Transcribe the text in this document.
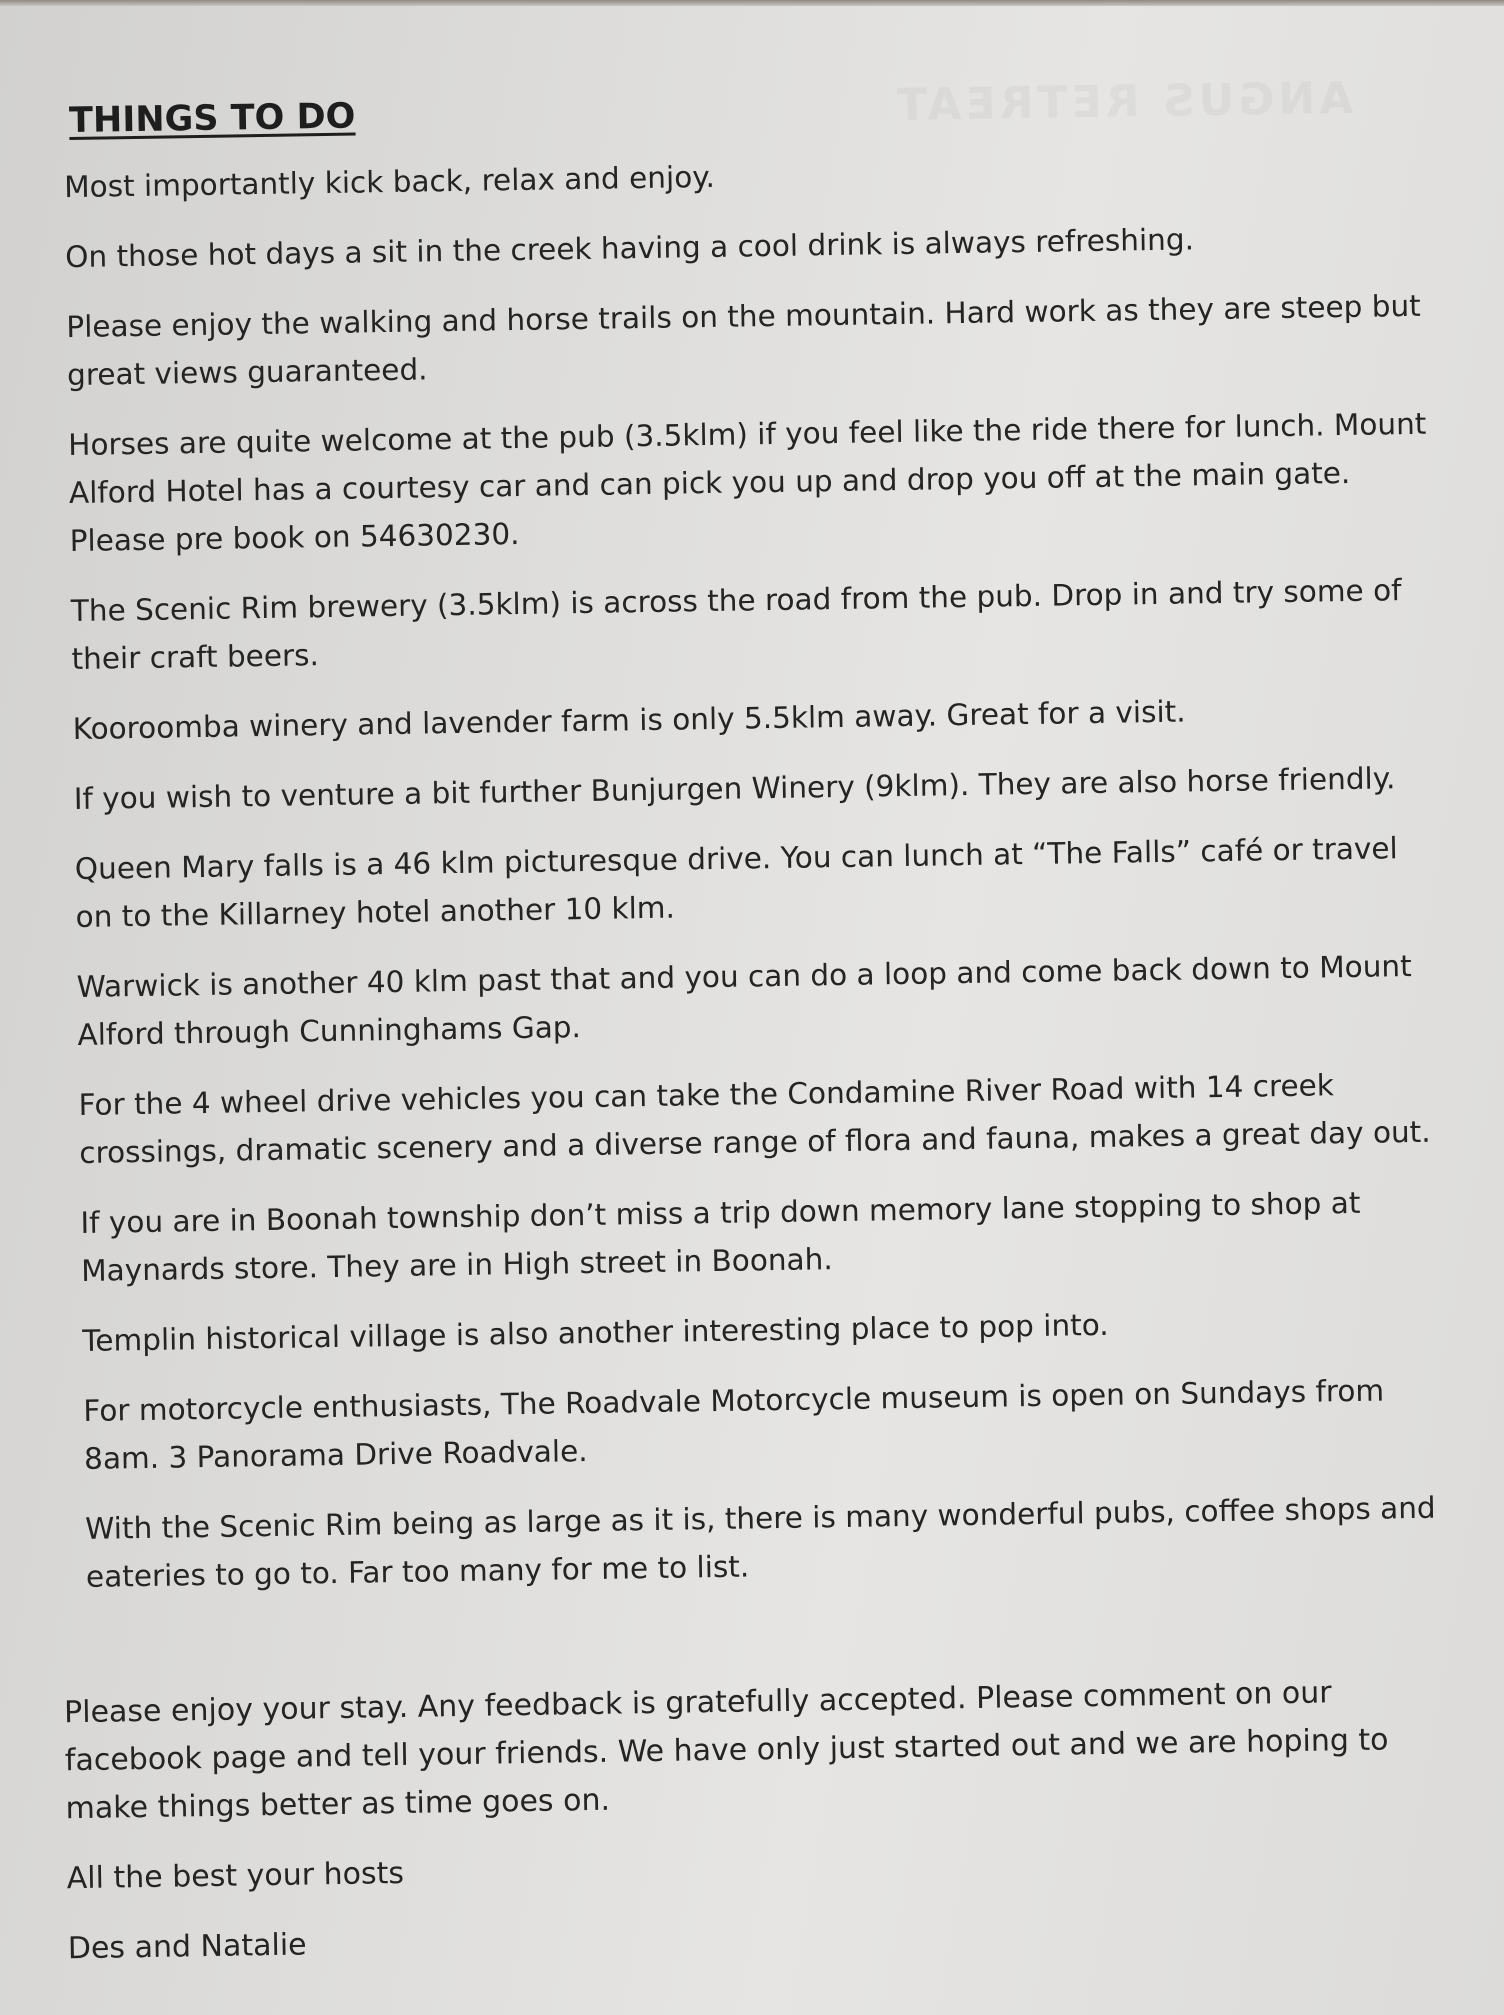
ANGUS RETREAT
THINGS TO DO

Most importantly kick back, relax and enjoy.

On those hot days a sit in the creek having a cool drink is always refreshing.

Please enjoy the walking and horse trails on the mountain. Hard work as they are steep but great views guaranteed.

Horses are quite welcome at the pub (3.5klm) if you feel like the ride there for lunch. Mount Alford Hotel has a courtesy car and can pick you up and drop you off at the main gate. Please pre book on 54630230.

The Scenic Rim brewery (3.5klm) is across the road from the pub. Drop in and try some of their craft beers.

Kooroomba winery and lavender farm is only 5.5klm away. Great for a visit.

If you wish to venture a bit further Bunjurgen Winery (9klm). They are also horse friendly.

Queen Mary falls is a 46 klm picturesque drive. You can lunch at “The Falls” café or travel on to the Killarney hotel another 10 klm.

Warwick is another 40 klm past that and you can do a loop and come back down to Mount Alford through Cunninghams Gap.

For the 4 wheel drive vehicles you can take the Condamine River Road with 14 creek crossings, dramatic scenery and a diverse range of flora and fauna, makes a great day out.

If you are in Boonah township don’t miss a trip down memory lane stopping to shop at Maynards store. They are in High street in Boonah.

Templin historical village is also another interesting place to pop into.

For motorcycle enthusiasts, The Roadvale Motorcycle museum is open on Sundays from 8am. 3 Panorama Drive Roadvale.

With the Scenic Rim being as large as it is, there is many wonderful pubs, coffee shops and eateries to go to. Far too many for me to list.

Please enjoy your stay. Any feedback is gratefully accepted. Please comment on our facebook page and tell your friends. We have only just started out and we are hoping to make things better as time goes on.

All the best your hosts

Des and Natalie
